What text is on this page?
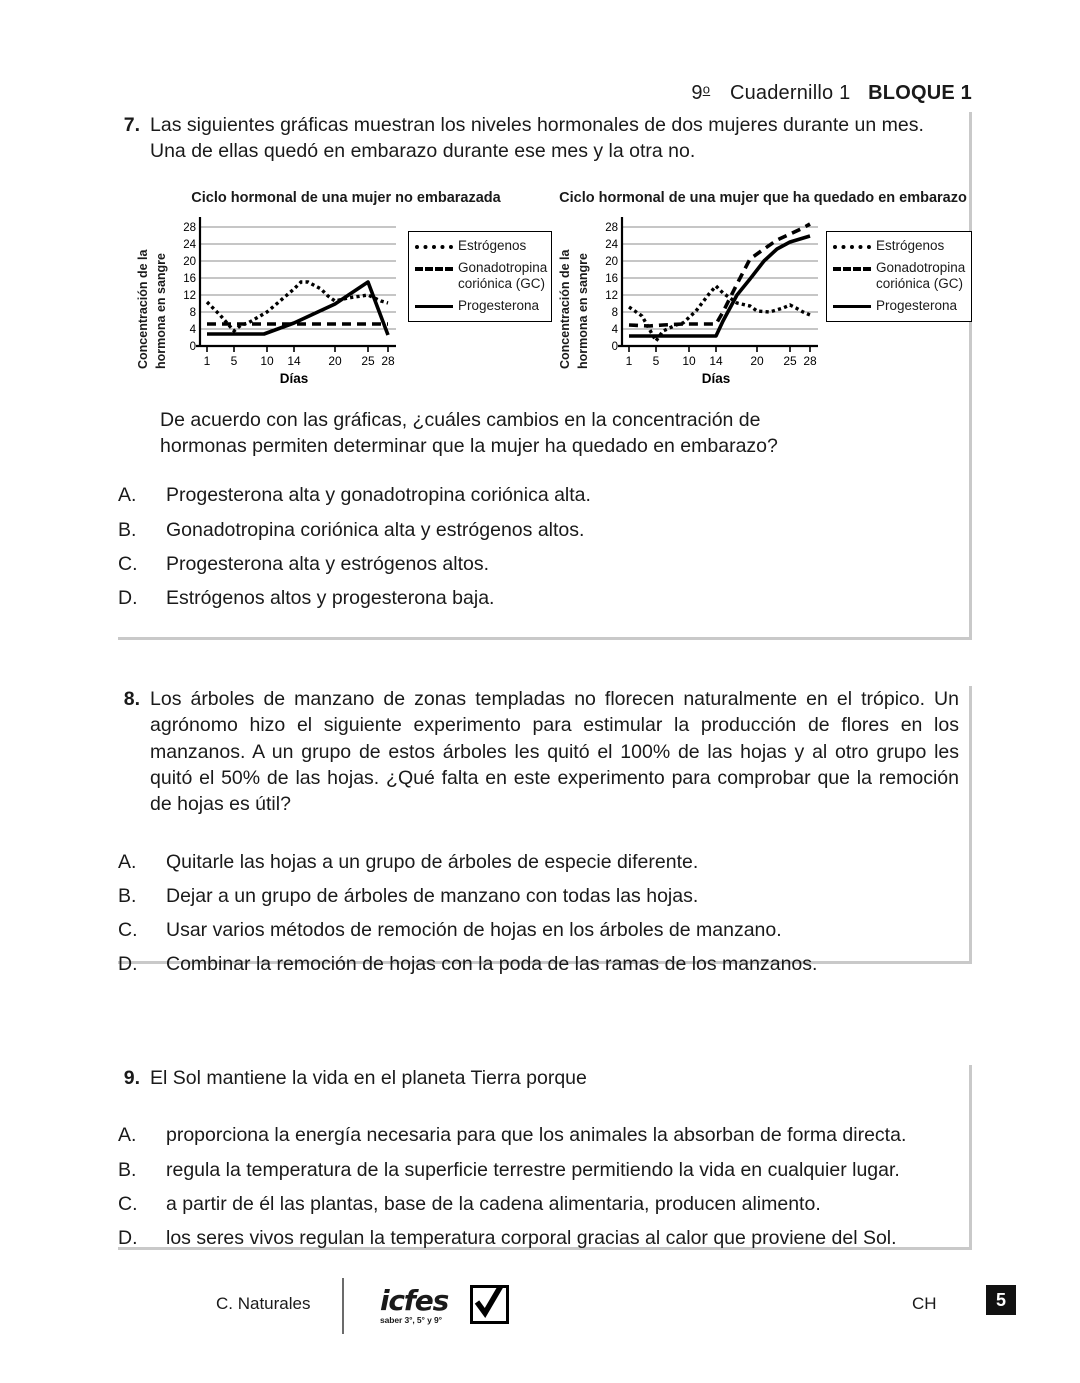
9$^o$ Cuadernillo 1 BLOQUE 1
7. Las siguientes gráficas muestran los niveles hormonales de dos mujeres durante un mes. Una de ellas quedó en embarazo durante ese mes y la otra no.
Ciclo hormonal de una mujer no embarazada
Concentración de la hormona en sangre
28
24
20
16
12
8
4
0
1 5 10 14 20 25 28
Días
Estrógenos
Gonadotropina coriónica (GC)
Progesterona
Ciclo hormonal de una mujer que ha quedado en embarazo
Concentración de la hormona en sangre
28
24
20
16
12
8
4
0
1 5 10 14 20 25 28
Días
Estrógenos
Gonadotropina coriónica (GC)
Progesterona
De acuerdo con las gráficas, ¿cuáles cambios en la concentración de hormonas permiten determinar que la mujer ha quedado en embarazo?
A.	Progesterona alta y gonadotropina coriónica alta.
B.	Gonadotropina coriónica alta y estrógenos altos.
C.	Progesterona alta y estrógenos altos.
D.	Estrógenos altos y progesterona baja.
8. Los árboles de manzano de zonas templadas no florecen naturalmente en el trópico. Un agrónomo hizo el siguiente experimento para estimular la producción de flores en los manzanos. A un grupo de estos árboles les quitó el 100% de las hojas y al otro grupo les quitó el 50% de las hojas. ¿Qué falta en este experimento para comprobar que la remoción de hojas es útil?
A.	Quitarle las hojas a un grupo de árboles de especie diferente.
B.	Dejar a un grupo de árboles de manzano con todas las hojas.
C.	Usar varios métodos de remoción de hojas en los árboles de manzano.
D.	Combinar la remoción de hojas con la poda de las ramas de los manzanos.
9. El Sol mantiene la vida en el planeta Tierra porque
A.	proporciona la energía necesaria para que los animales la absorban de forma directa.
B.	regula la temperatura de la superficie terrestre permitiendo la vida en cualquier lugar.
C.	a partir de él las plantas, base de la cadena alimentaria, producen alimento.
D.	los seres vivos regulan la temperatura corporal gracias al calor que proviene del Sol.
C. Naturales icfes
saber 3°, 5° y 9°
CH	5
